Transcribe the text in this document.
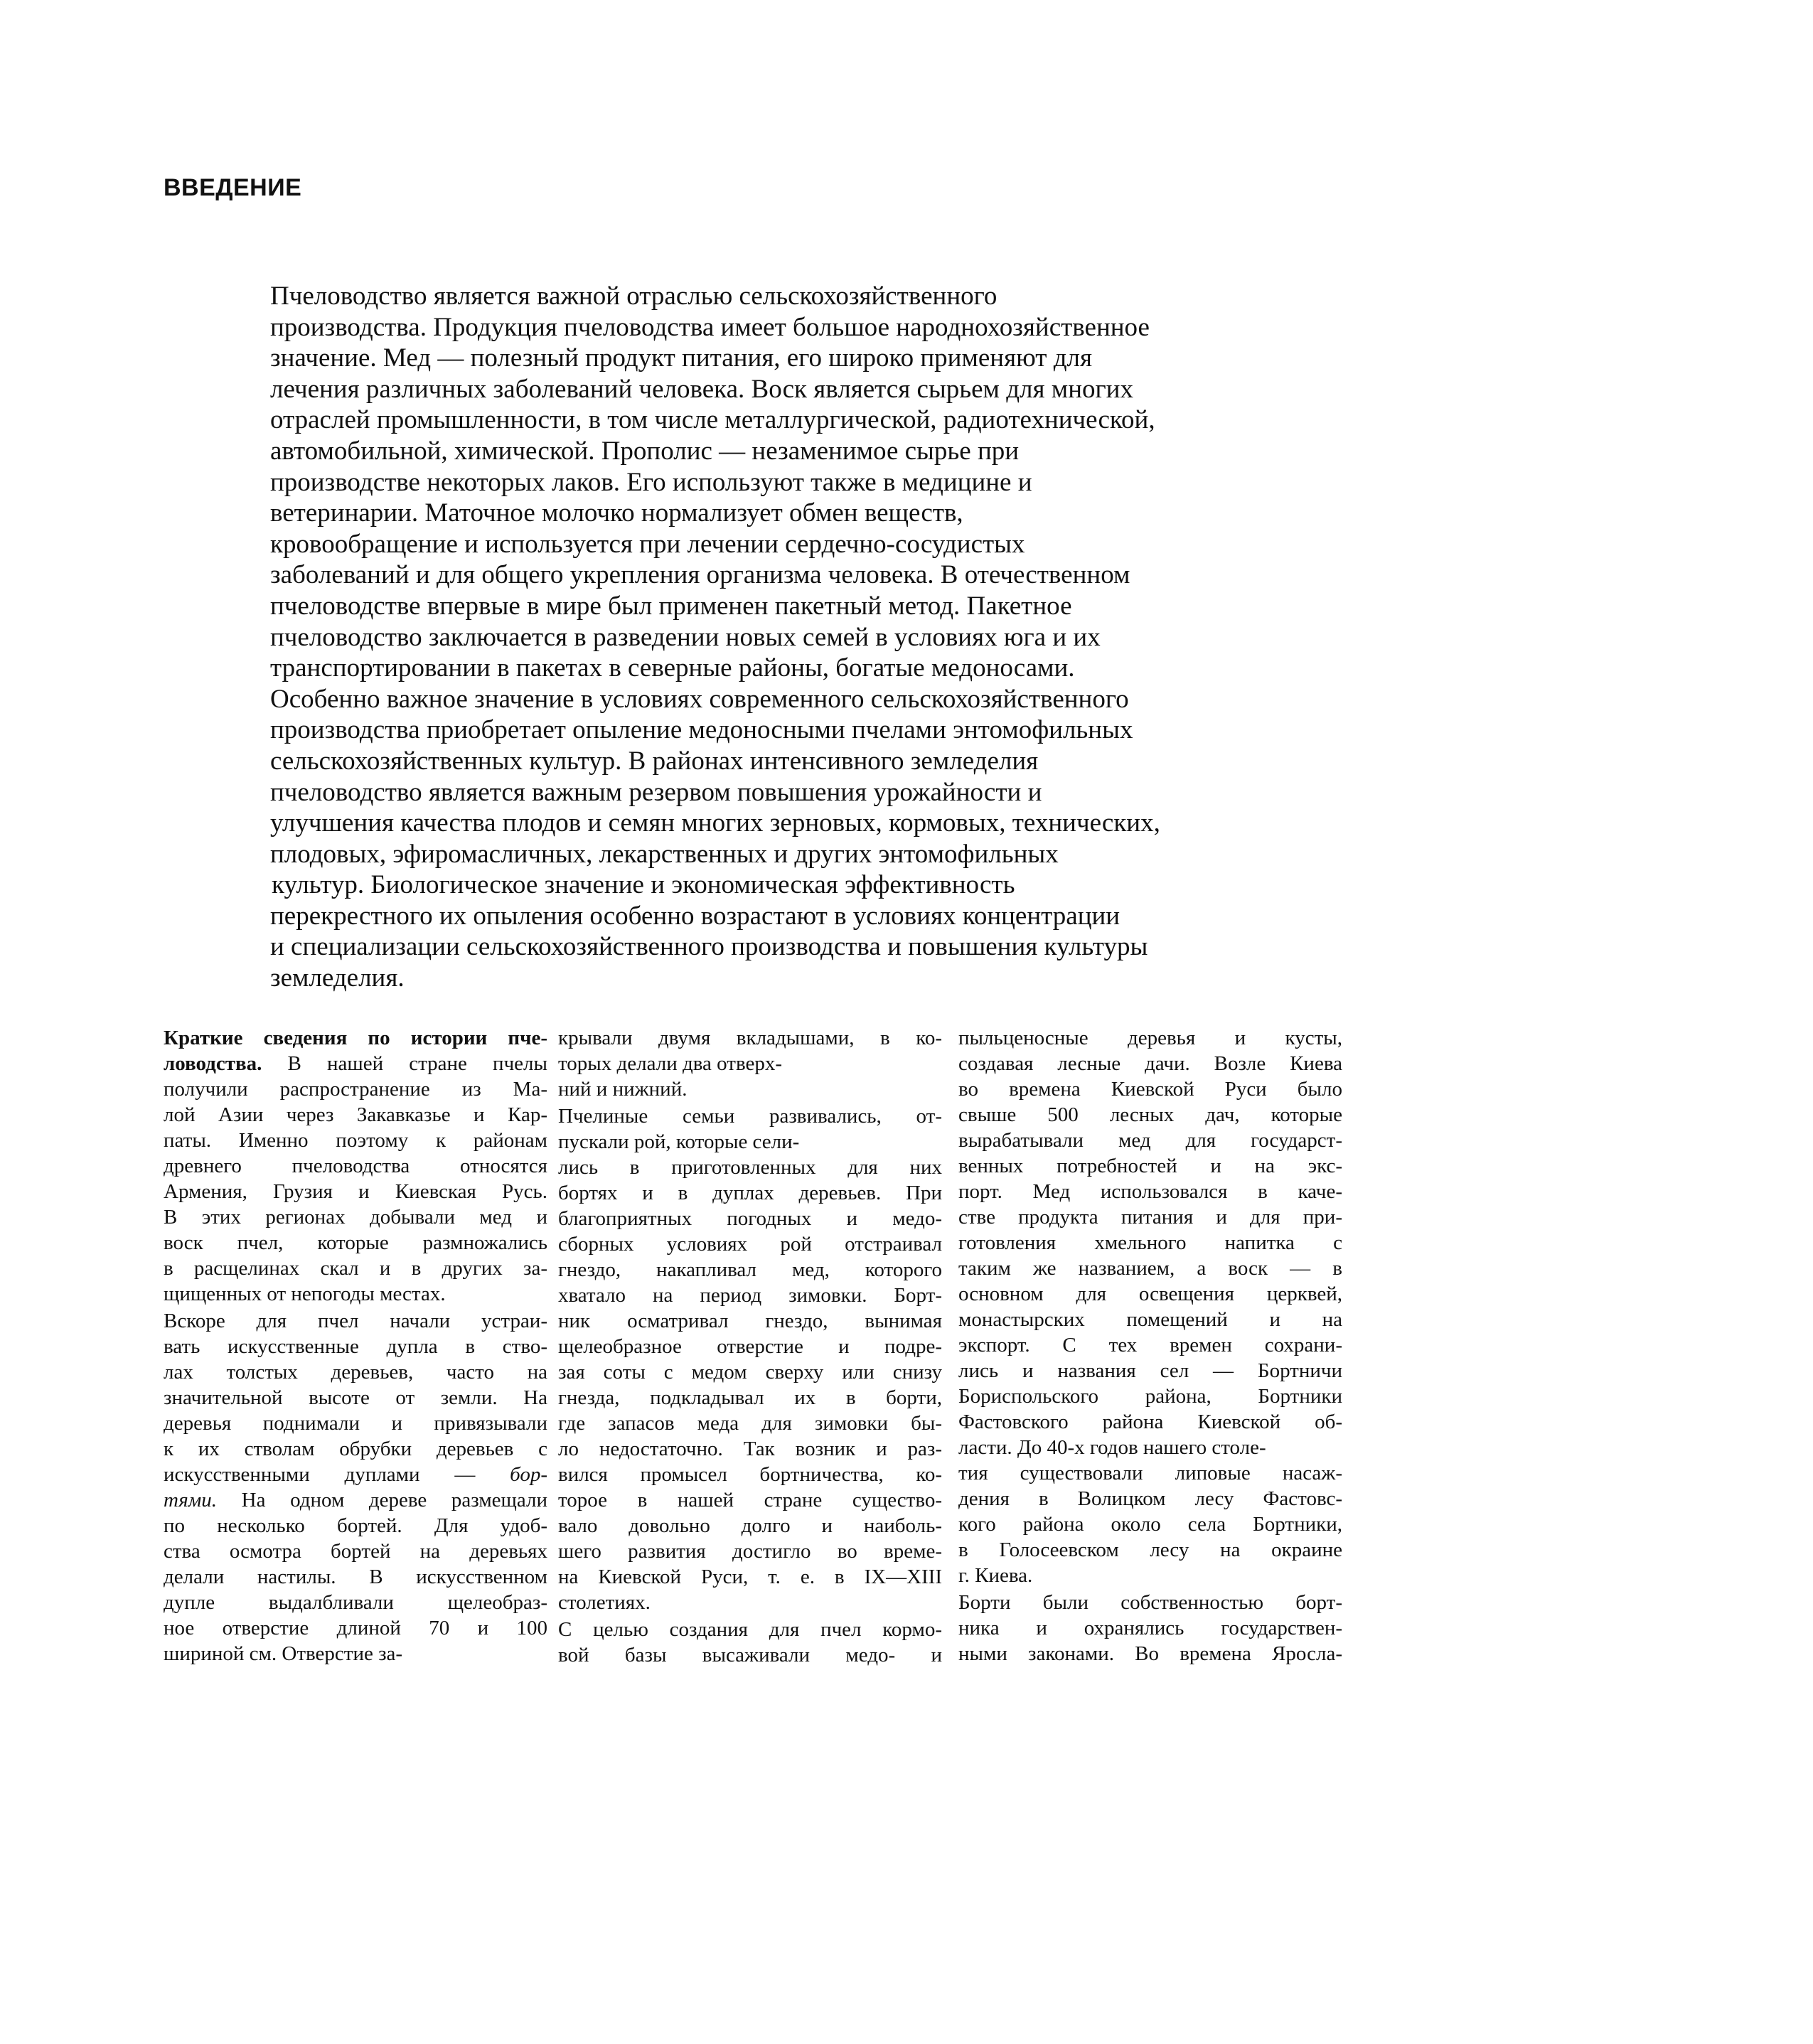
ВВЕДЕНИЕ
Пчеловодство является важной отраслью сельскохозяйственного
производства. Продукция пчеловодства имеет большое народнохозяйственное
значение. Мед — полезный продукт питания, его широко применяют для
лечения различных заболеваний человека. Воск является сырьем для многих
отраслей промышленности, в том числе металлургической, радиотехнической,
автомобильной, химической. Прополис — незаменимое сырье при
производстве некоторых лаков. Его используют также в медицине и
ветеринарии. Маточное молочко нормализует обмен веществ,
кровообращение и используется при лечении сердечно-сосудистых
заболеваний и для общего укрепления организма человека. В отечественном
пчеловодстве впервые в мире был применен пакетный метод. Пакетное
пчеловодство заключается в разведении новых семей в условиях юга и их
транспортировании в пакетах в северные районы, богатые медоносами.
Особенно важное значение в условиях современного сельскохозяйственного
производства приобретает опыление медоносными пчелами энтомофильных
сельскохозяйственных культур. В районах интенсивного земледелия
пчеловодство является важным резервом повышения урожайности и
улучшения качества плодов и семян многих зерновых, кормовых, технических,
плодовых, эфиромасличных, лекарственных и других энтомофильных
культур. Биологическое значение и экономическая эффективность
перекрестного их опыления особенно возрастают в условиях концентрации
и специализации сельскохозяйственного производства и повышения культуры
земледелия.

Краткие сведения по истории пче-
ловодства. В нашей стране пчелы
получили распространение из Ма-
лой Азии через Закавказье и Кар-
паты. Именно поэтому к районам
древнего пчеловодства относятся
Армения, Грузия и Киевская Русь.
В этих регионах добывали мед и
воск пчел, которые размножались
в расщелинах скал и в других за-
щищенных от непогоды местах.

Вскоре для пчел начали устраи-
вать искусственные дупла в ство-
лах толстых деревьев, часто на
значительной высоте от земли. На
деревья поднимали и привязывали
к их стволам обрубки деревьев с
искусственными дуплами — бор-
тями. На одном дереве размещали
по несколько бортей. Для удоб-
ства осмотра бортей на деревьях
делали настилы. В искусственном
дупле выдалбливали щелеобраз-
ное отверстие длиной 70 и 100
шириной см. Отверстие за-

крывали двумя вкладышами, в ко-
торых делали два отверх-
ний и нижний.

Пчелиные семьи развивались, от-
пускали рой, которые сели-
лись в приготовленных для них
бортях и в дуплах деревьев. При
благоприятных погодных и медо-
сборных условиях рой отстраивал
гнездо, накапливал мед, которого
хватало на период зимовки. Борт-
ник осматривал гнездо, вынимая
щелеобразное отверстие и подре-
зая соты с медом сверху или снизу
гнезда, подкладывал их в борти,
где запасов меда для зимовки бы-
ло недостаточно. Так возник и раз-
вился промысел бортничества, ко-
торое в нашей стране существо-
вало довольно долго и наиболь-
шего развития достигло во време-
на Киевской Руси, т. е. в IX—XIII
столетиях.

С целью создания для пчел кормо-
вой базы высаживали медо- и

пыльценосные деревья и кусты,
создавая лесные дачи. Возле Киева
во времена Киевской Руси было
свыше 500 лесных дач, которые
вырабатывали мед для государст-
венных потребностей и на экс-
порт. Мед использовался в каче-
стве продукта питания и для при-
готовления хмельного напитка с
таким же названием, а воск — в
основном для освещения церквей,
монастырских помещений и на
экспорт. С тех времен сохрани-
лись и названия сел — Бортничи
Бориспольского района, Бортники
Фастовского района Киевской об-
ласти. До 40-х годов нашего столе-
тия существовали липовые насаж-
дения в Волицком лесу Фастовс-
кого района около села Бортники,
в Голосеевском лесу на окраине
г. Киева.

Борти были собственностью борт-
ника и охранялись государствен-
ными законами. Во времена Яросла-
